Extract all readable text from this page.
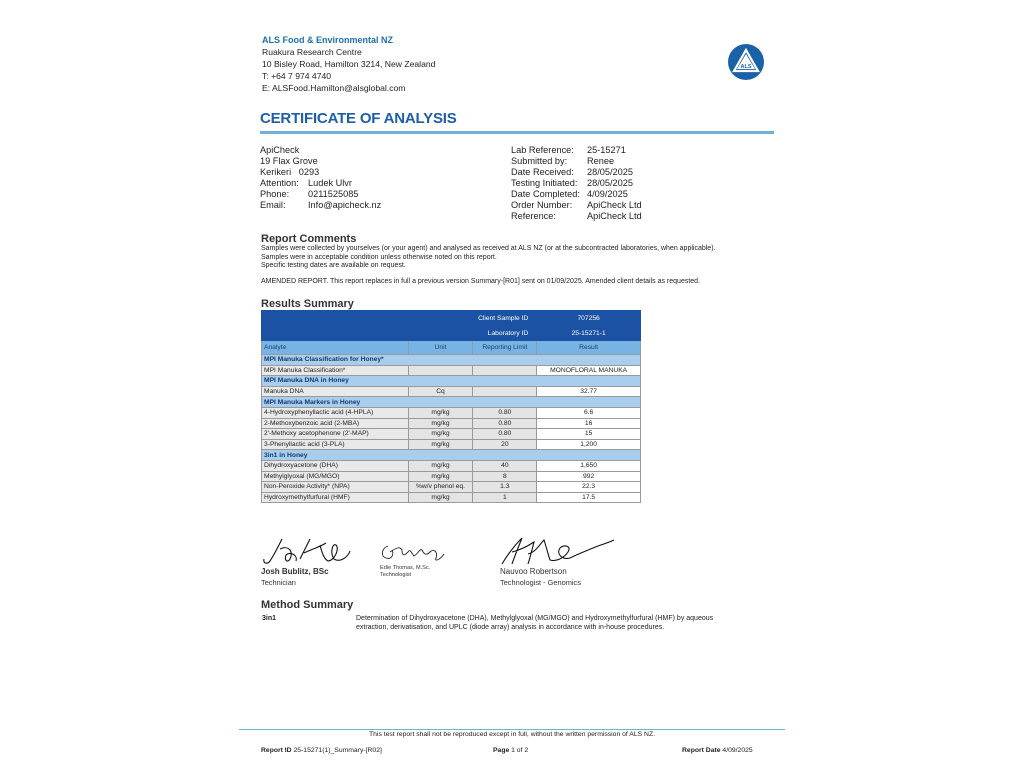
ALS Food & Environmental NZ
Ruakura Research Centre
10 Bisley Road, Hamilton 3214, New Zealand
T: +64 7 974 4740
E: ALSFood.Hamilton@alsglobal.com
ALS
CERTIFICATE OF ANALYSIS
ApiCheck
19 Flax Grove
Kerikeri   0293
Attention: Ludek Ulvr
Phone: 0211525085
Email: Info@apicheck.nz
Lab Reference: 25-15271
Submitted by: Renee
Date Received: 28/05/2025
Testing Initiated: 28/05/2025
Date Completed: 4/09/2025
Order Number: ApiCheck Ltd
Reference:	ApiCheck Ltd
Report Comments
Samples were collected by yourselves (or your agent) and analysed as received at ALS NZ (or at the subcontracted laboratories, when applicable).
Samples were in acceptable condition unless otherwise noted on this report.
Specific testing dates are available on request.
AMENDED REPORT. This report replaces in full a previous version Summary-[R01] sent on 01/09/2025. Amended client details as requested.
Results Summary
Client Sample ID			707256
Laboratory ID			25-15271-1
Analyte	Unit	Reporting Limit	Result
MPI Manuka Classification for Honey*			
MPI Manuka Classification*			MONOFLORAL MANUKA
MPI Manuka DNA in Honey			
Manuka DNA	Cq		32.77
MPI Manuka Markers in Honey			
4-Hydroxyphenyllactic acid (4-HPLA)	mg/kg	0.80	6.6
2-Methoxybenzoic acid (2-MBA)	mg/kg	0.80	16
2'-Methoxy acetophenone (2'-MAP)	mg/kg	0.80	15
3-Phenyllactic acid (3-PLA)	mg/kg	20	1,200
3in1 in Honey			
Dihydroxyacetone (DHA)	mg/kg	40	1,650
Methylglyoxal (MG/MGO)	mg/kg	8	992
Non-Peroxide Activity* (NPA)	%w/v phenol eq.	1.3	22.3
Hydroxymethylfurfural (HMF)	mg/kg	1	17.5
Josh Bublitz, BSc
Technician
Edie Thomas, M.Sc.
Technologist	Nauvoo Robertson
Technologist - Genomics
Method Summary
3in1	Determination of Dihydroxyacetone (DHA), Methylglyoxal (MG/MGO) and Hydroxymethylfurfural (HMF) by aqueous
extraction, derivatisation, and UPLC (diode array) analysis in accordance with in-house procedures.
This test report shall not be reproduced except in full, without the written permission of ALS NZ.
Report ID 25-15271(1)_Summary-[R02]	Page 1 of 2	Report Date 4/09/2025
